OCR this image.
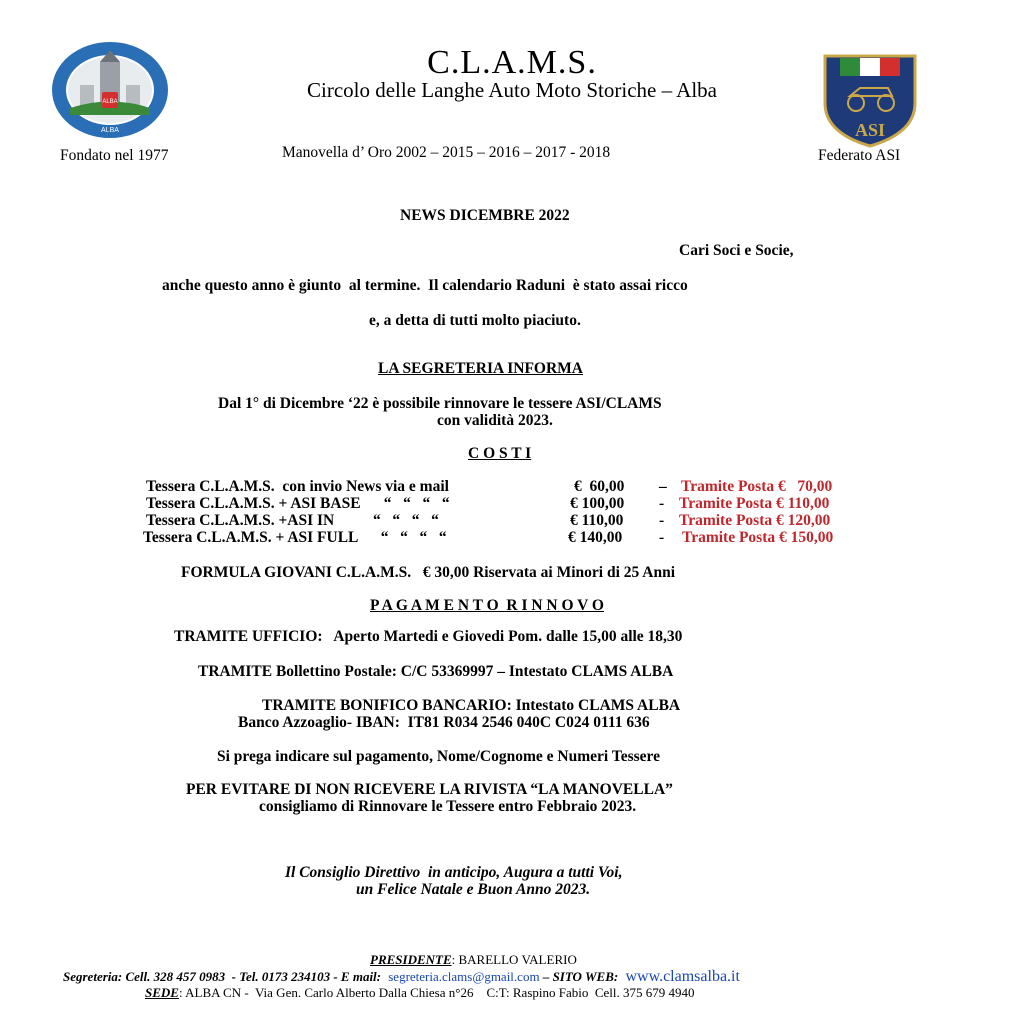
ALBA
ALBA
C.L.A.M.S.
Circolo delle Langhe Auto Moto Storiche – Alba
ASI
Fondato nel 1977	Manovella d’ Oro 2002 – 2015 – 2016 – 2017 - 2018	Federato ASI
NEWS DICEMBRE 2022
Cari Soci e Socie,
anche questo anno è giunto  al termine.  Il calendario Raduni  è stato assai ricco
e, a detta di tutti molto piaciuto.
LA SEGRETERIA INFORMA
Dal 1° di Dicembre ‘22 è possibile rinnovare le tessere ASI/CLAMS
con validità 2023.
C O S T I
Tessera C.L.A.M.S.  con invio News via e mail	€  60,00 – Tramite Posta €   70,00
Tessera C.L.A.M.S. + ASI BASE      “   “   “   “	€ 100,00 - Tramite Posta € 110,00
Tessera C.L.A.M.S. +ASI IN          “   “   “   “	€ 110,00 - Tramite Posta € 120,00
Tessera C.L.A.M.S. + ASI FULL      “   “   “   “	€ 140,00 - Tramite Posta € 150,00
FORMULA GIOVANI C.L.A.M.S.   € 30,00 Riservata ai Minori di 25 Anni
P A G A M E N T O  R I N N O V O
TRAMITE UFFICIO:   Aperto Martedi e Giovedi Pom. dalle 15,00 alle 18,30
TRAMITE Bollettino Postale: C/C 53369997 – Intestato CLAMS ALBA
TRAMITE BONIFICO BANCARIO: Intestato CLAMS ALBA
Banco Azzoaglio- IBAN:  IT81 R034 2546 040C C024 0111 636
Si prega indicare sul pagamento, Nome/Cognome e Numeri Tessere
PER EVITARE DI NON RICEVERE LA RIVISTA “LA MANOVELLA”
consigliamo di Rinnovare le Tessere entro Febbraio 2023.
Il Consiglio Direttivo  in anticipo, Augura a tutti Voi,
un Felice Natale e Buon Anno 2023.
PRESIDENTE: BARELLO VALERIO
Segreteria: Cell. 328 457 0983  - Tel. 0173 234103 - E mail: segreteria.clams@gmail.com – SITO WEB: www.clamsalba.it
SEDE: ALBA CN -  Via Gen. Carlo Alberto Dalla Chiesa n°26    C:T: Raspino Fabio  Cell. 375 679 4940
